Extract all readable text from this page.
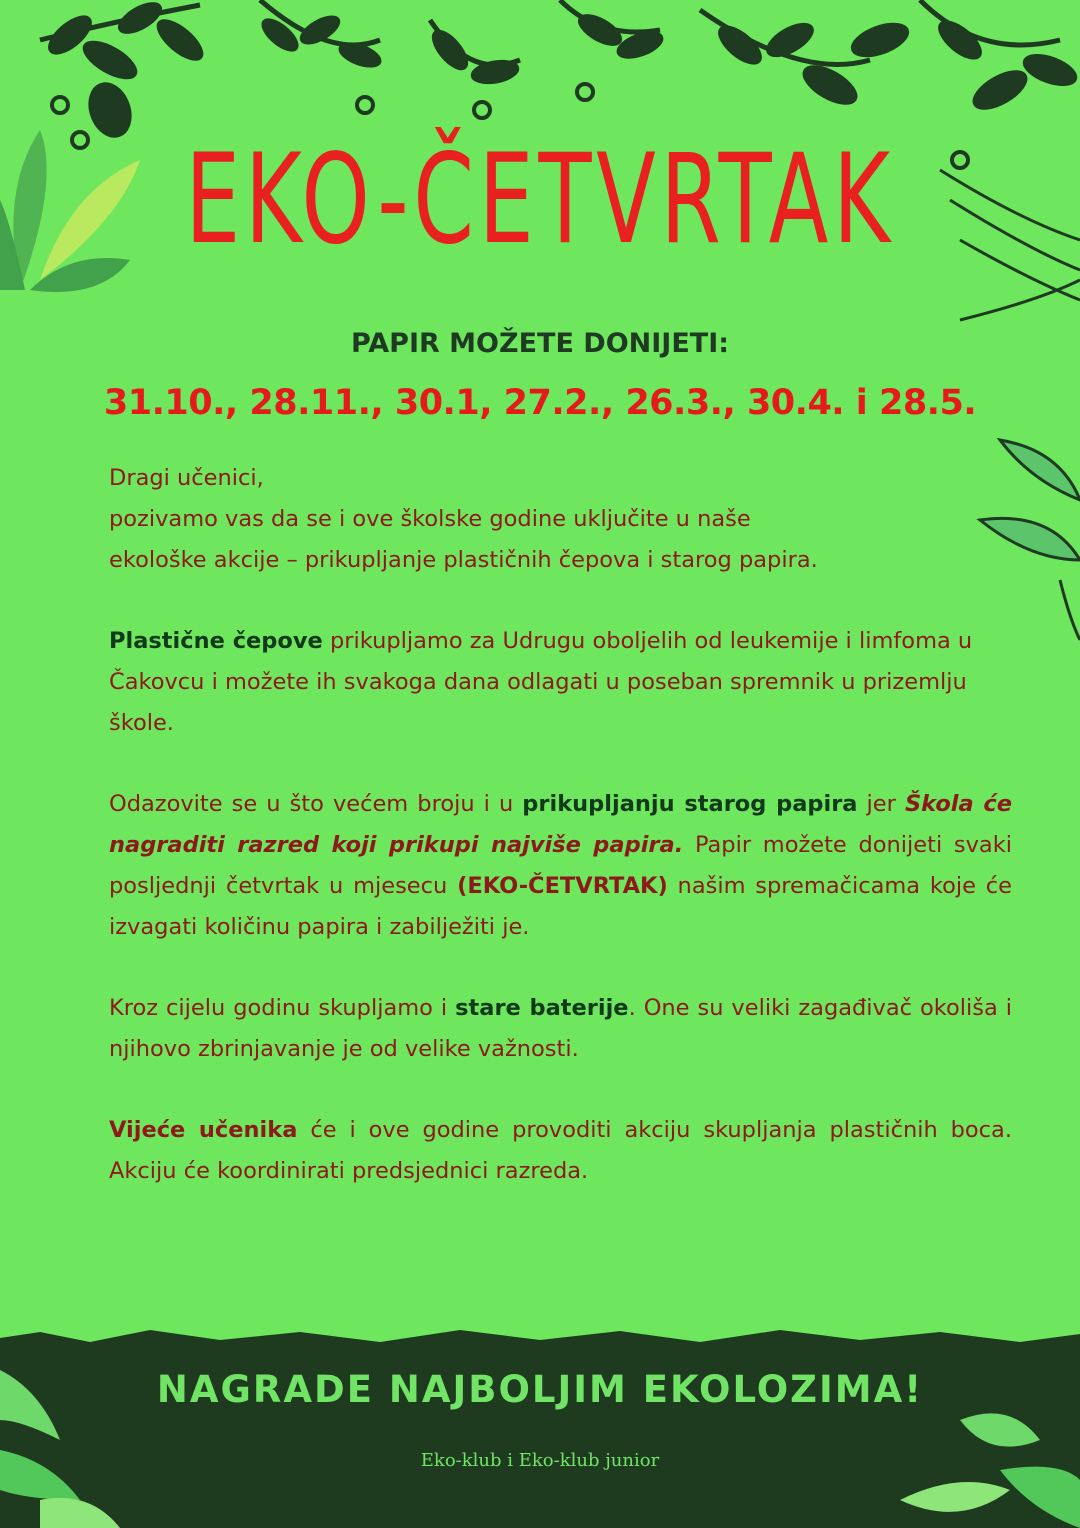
EKO-ČETVRTAK
PAPIR MOŽETE DONIJETI:
31.10., 28.11., 30.1, 27.2., 26.3., 30.4. i 28.5.

Dragi učenici,
pozivamo vas da se i ove školske godine uključite u naše
ekološke akcije – prikupljanje plastičnih čepova i starog papira.

Plastične čepove prikupljamo za Udrugu oboljelih od leukemije i limfoma u Čakovcu i možete ih svakoga dana odlagati u poseban spremnik u prizemlju škole.

Odazovite se u što većem broju i u prikupljanju starog papira jer Škola će nagraditi razred koji prikupi najviše papira. Papir možete donijeti svaki posljednji četvrtak u mjesecu (EKO-ČETVRTAK) našim spremačicama koje će izvagati količinu papira i zabilježiti je.

Kroz cijelu godinu skupljamo i stare baterije. One su veliki zagađivač okoliša i njihovo zbrinjavanje je od velike važnosti.

Vijeće učenika će i ove godine provoditi akciju skupljanja plastičnih boca. Akciju će koordinirati predsjednici razreda.

NAGRADE NAJBOLJIM EKOLOZIMA!
Eko-klub i Eko-klub junior
